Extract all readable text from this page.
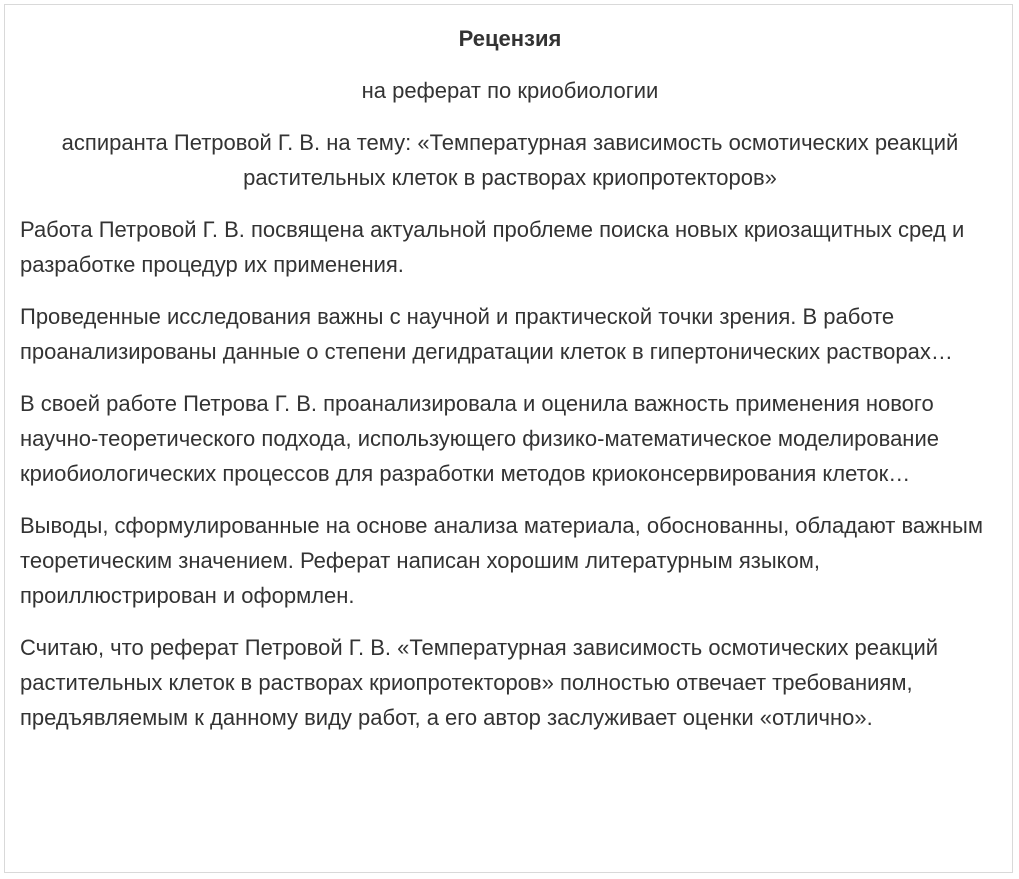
Рецензия

на реферат по криобиологии

аспиранта Петровой Г. В. на тему: «Температурная зависимость осмотических реакций растительных клеток в растворах криопротекторов»

Работа Петровой Г. В. посвящена актуальной проблеме поиска новых криозащитных сред и разработке процедур их применения.

Проведенные исследования важны с научной и практической точки зрения. В работе проанализированы данные о степени дегидратации клеток в гипертонических растворах…

В своей работе Петрова Г. В. проанализировала и оценила важность применения нового научно-теоретического подхода, использующего физико-математическое моделирование криобиологических процессов для разработки методов криоконсервирования клеток…

Выводы, сформулированные на основе анализа материала, обоснованны, обладают важным теоретическим значением. Реферат написан хорошим литературным языком, проиллюстрирован и оформлен.

Считаю, что реферат Петровой Г. В. «Температурная зависимость осмотических реакций растительных клеток в растворах криопротекторов» полностью отвечает требованиям, предъявляемым к данному виду работ, а его автор заслуживает оценки «отлично».
